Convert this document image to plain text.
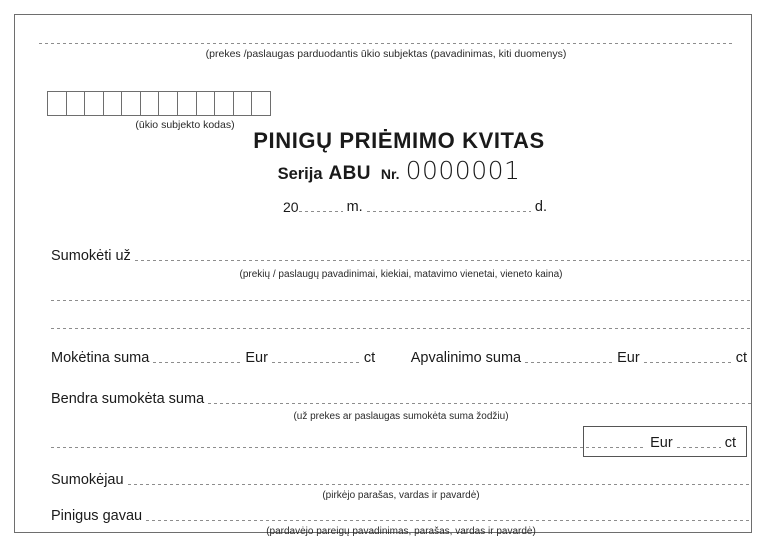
(prekes /paslaugas parduodantis ūkio subjektas (pavadinimas, kiti duomenys)
(ūkio subjekto kodas)
PINIGŲ PRIĖMIMO KVITAS
Serija ABU Nr. 0000001
20	m.	d.
Sumokėti už
(prekių / paslaugų pavadinimai, kiekiai, matavimo vienetai, vieneto kaina)
Mokėtina suma	Eur	ct Apvalinimo suma	Eur	ct
Bendra sumokėta suma
(už prekes ar paslaugas sumokėta suma žodžiu)
Eur	ct
Sumokėjau
(pirkėjo parašas, vardas ir pavardė)
Pinigus gavau
(pardavėjo pareigų pavadinimas, parašas, vardas ir pavardė)
